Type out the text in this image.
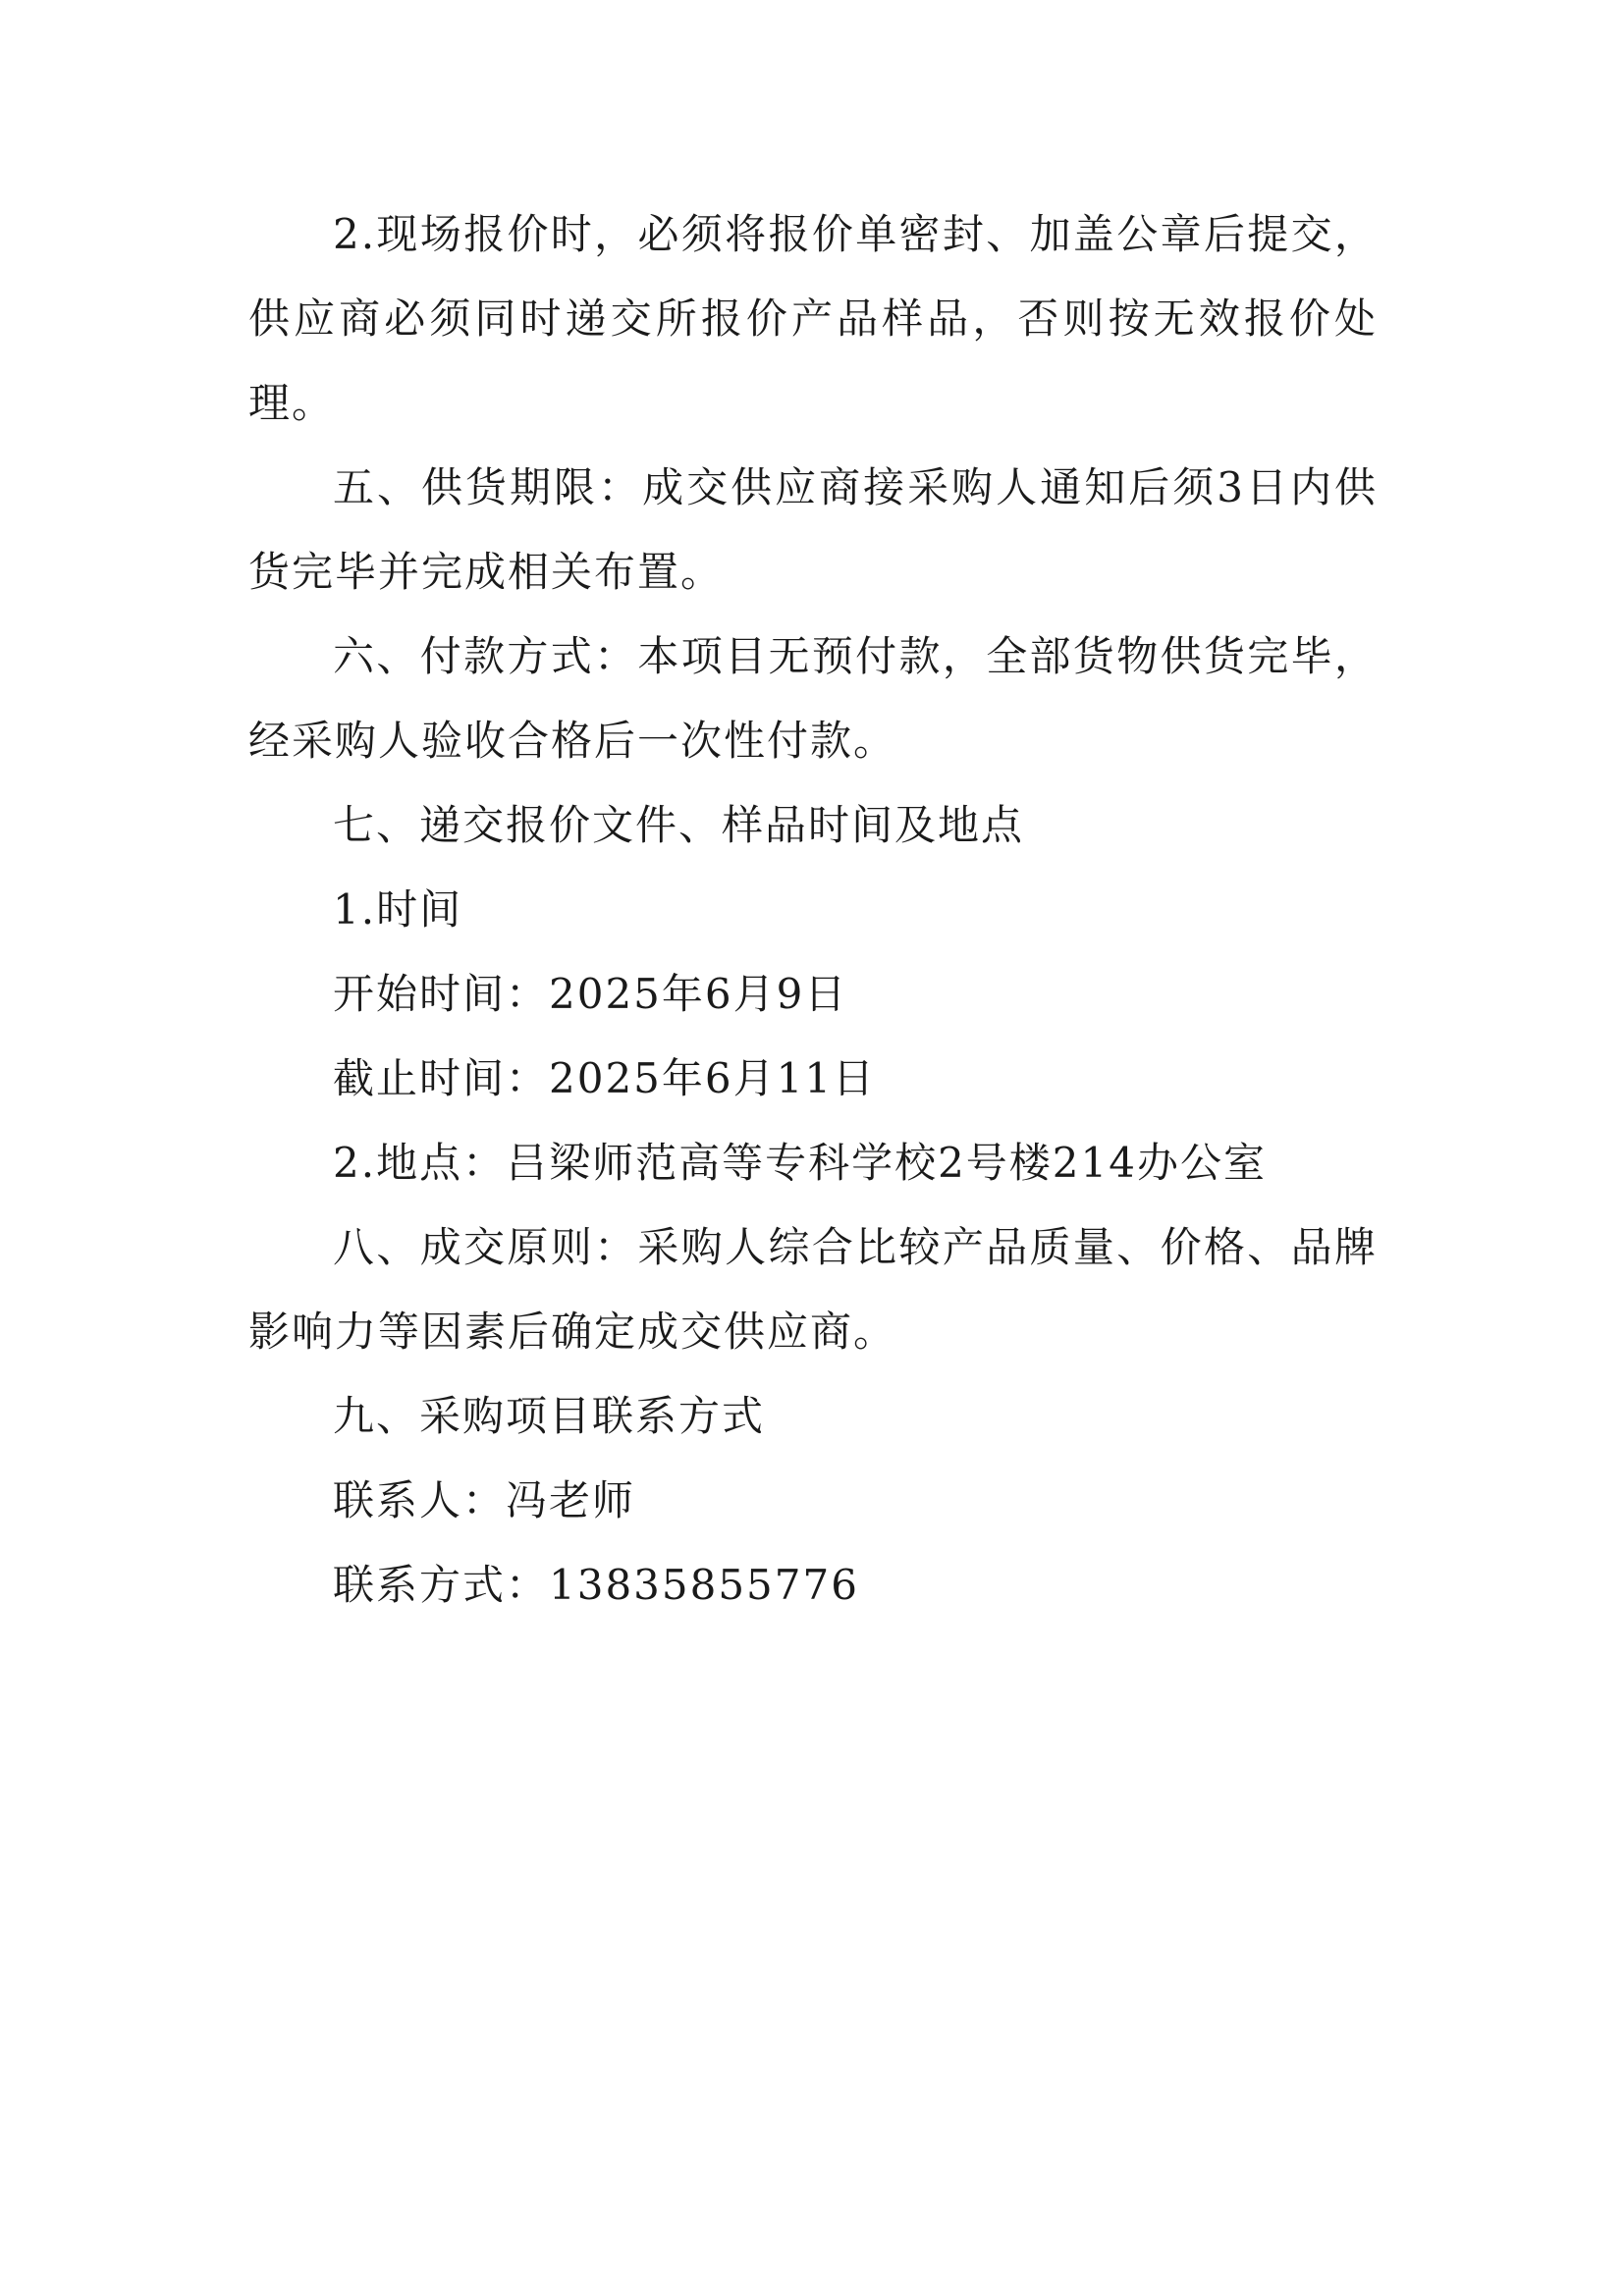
2.现场报价时，必须将报价单密封、加盖公章后提交，供应商必须同时递交所报价产品样品，否则按无效报价处理。

五、供货期限：成交供应商接采购人通知后须3日内供货完毕并完成相关布置。

六、付款方式：本项目无预付款，全部货物供货完毕，经采购人验收合格后一次性付款。

七、递交报价文件、样品时间及地点

1.时间

开始时间：2025年6月9日

截止时间：2025年6月11日

2.地点：吕梁师范高等专科学校2号楼214办公室

八、成交原则：采购人综合比较产品质量、价格、品牌影响力等因素后确定成交供应商。

九、采购项目联系方式

联系人：冯老师

联系方式：13835855776
